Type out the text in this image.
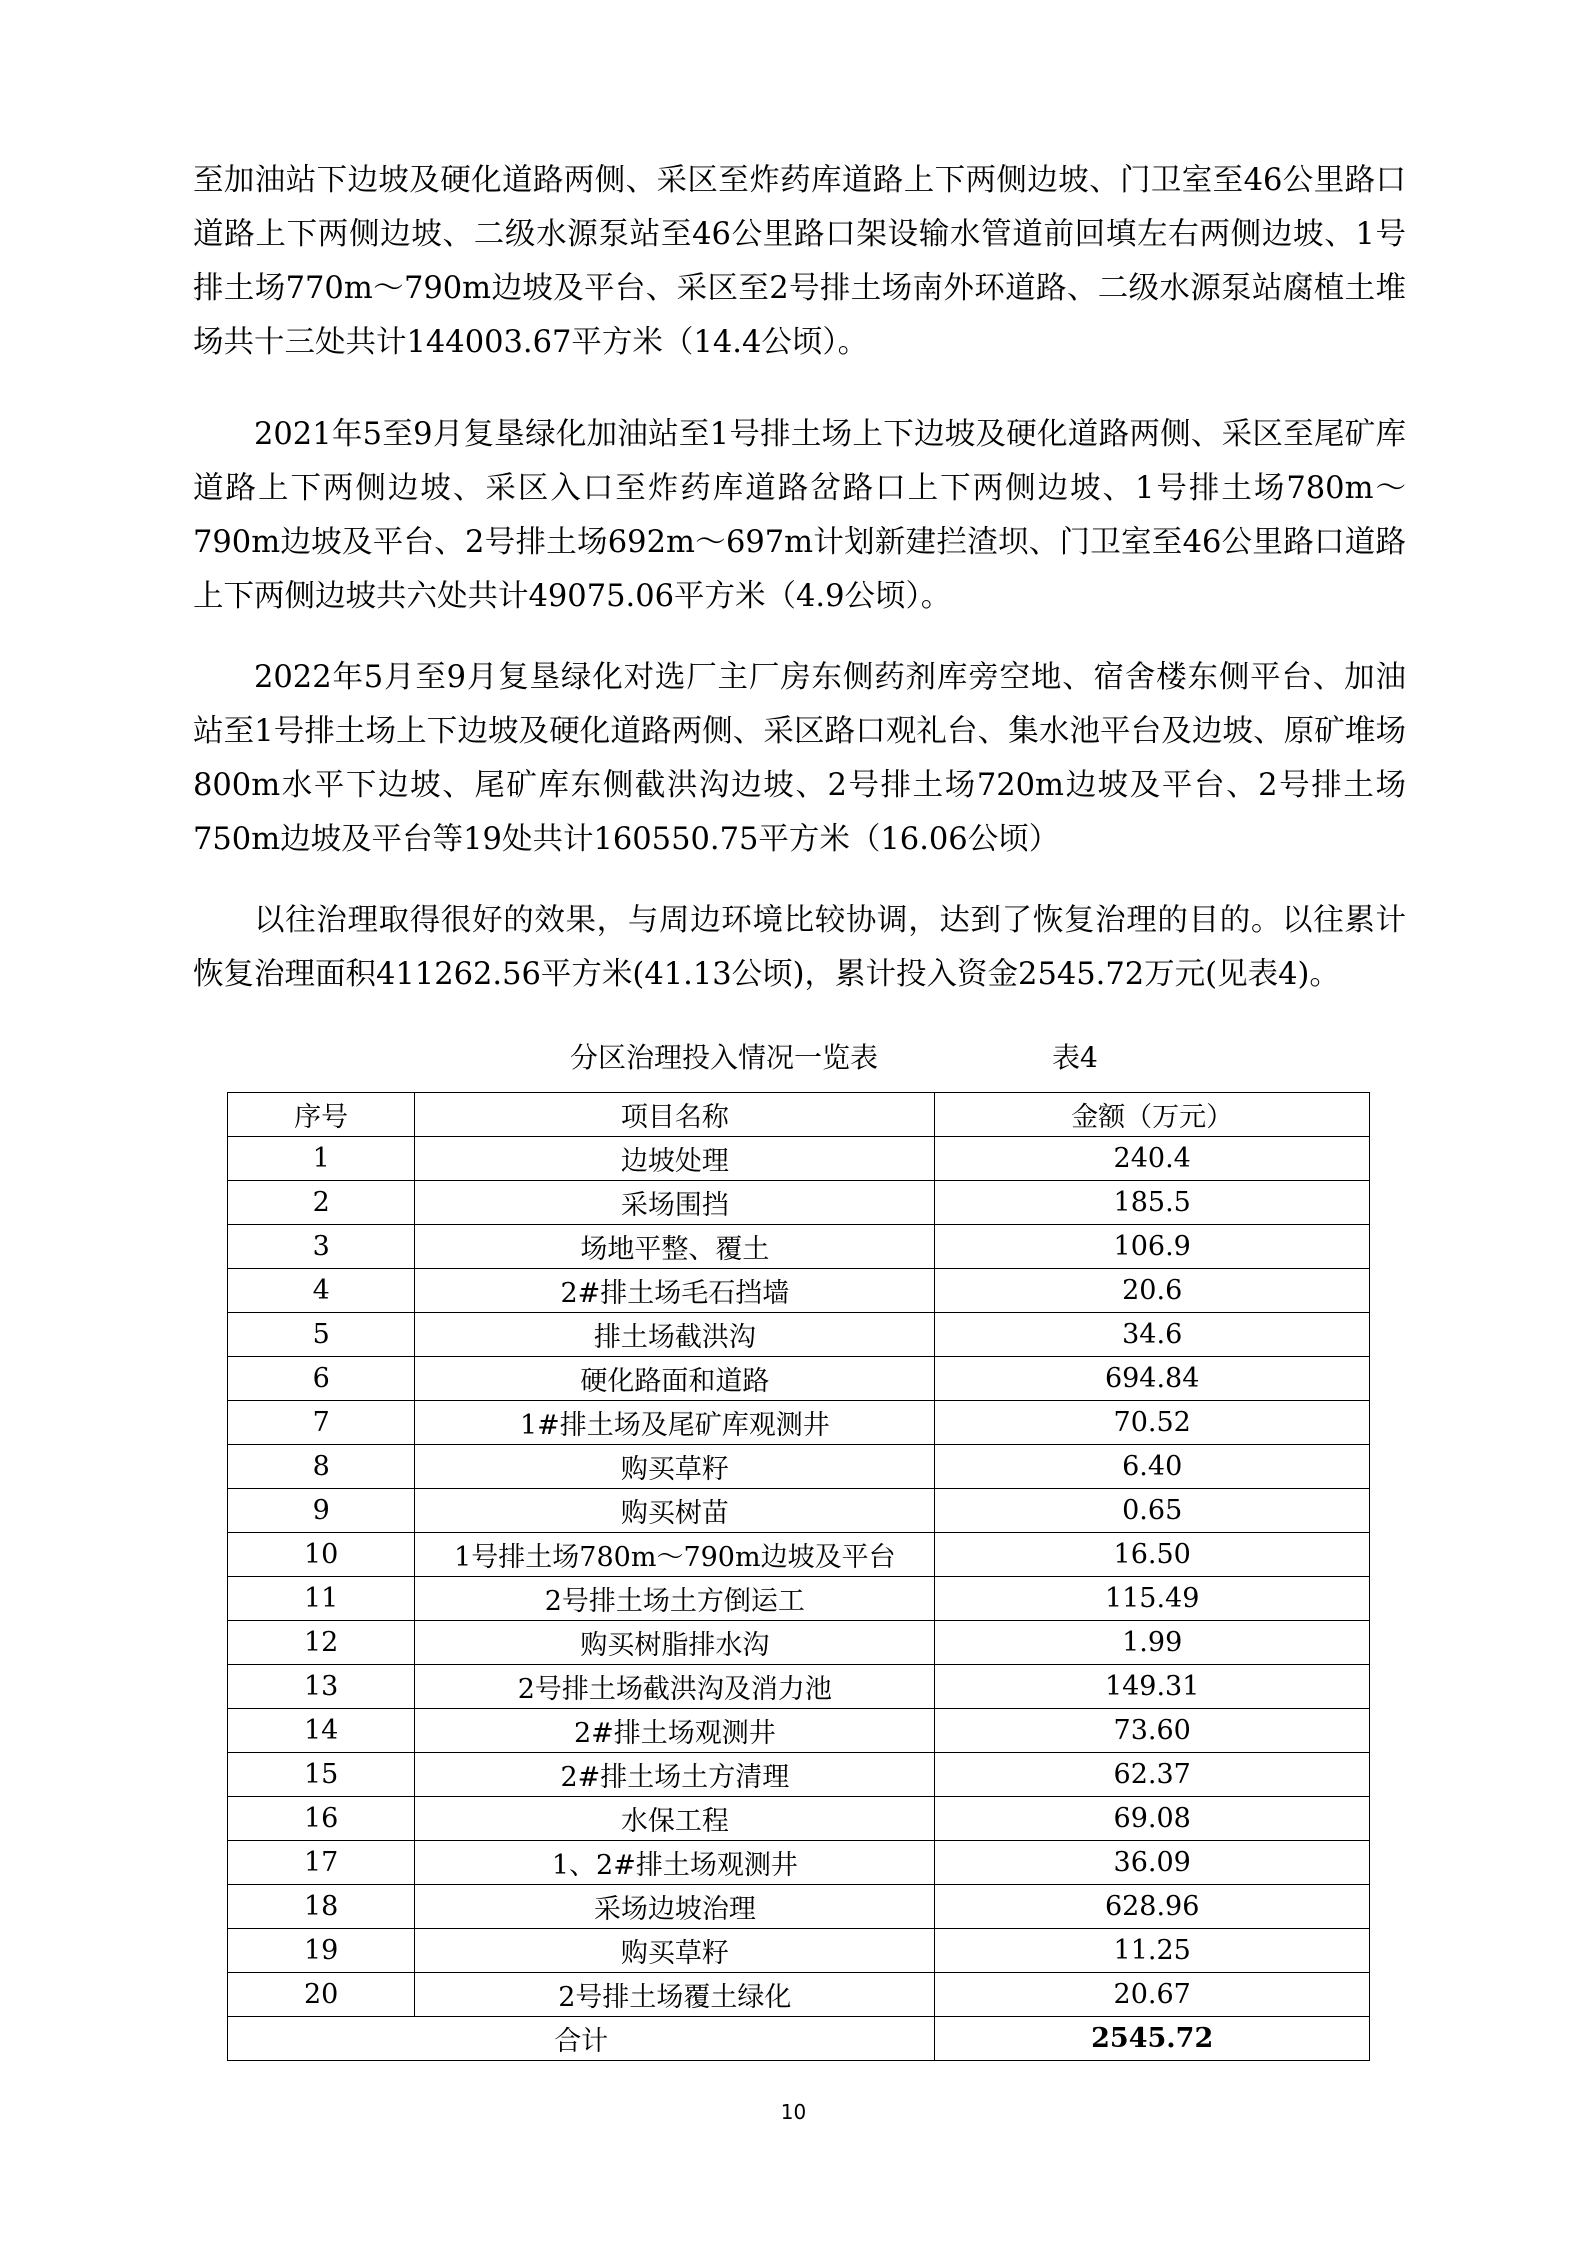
至加油站下边坡及硬化道路两侧、采区至炸药库道路上下两侧边坡、门卫室至46公里路口道路上下两侧边坡、二级水源泵站至46公里路口架设输水管道前回填左右两侧边坡、1号排土场770m～790m边坡及平台、采区至2号排土场南外环道路、二级水源泵站腐植土堆场共十三处共计144003.67平方米（14.4公顷）。

2021年5至9月复垦绿化加油站至1号排土场上下边坡及硬化道路两侧、采区至尾矿库道路上下两侧边坡、采区入口至炸药库道路岔路口上下两侧边坡、1号排土场780m～790m边坡及平台、2号排土场692m～697m计划新建拦渣坝、门卫室至46公里路口道路上下两侧边坡共六处共计49075.06平方米（4.9公顷）。

2022年5月至9月复垦绿化对选厂主厂房东侧药剂库旁空地、宿舍楼东侧平台、加油站至1号排土场上下边坡及硬化道路两侧、采区路口观礼台、集水池平台及边坡、原矿堆场800m水平下边坡、尾矿库东侧截洪沟边坡、2号排土场720m边坡及平台、2号排土场750m边坡及平台等19处共计160550.75平方米（16.06公顷）

以往治理取得很好的效果，与周边环境比较协调，达到了恢复治理的目的。以往累计恢复治理面积411262.56平方米(41.13公顷)，累计投入资金2545.72万元(见表4)。

分区治理投入情况一览表	表4
序号	项目名称	金额（万元）
1	边坡处理	240.4
2	采场围挡	185.5
3	场地平整、覆土	106.9
4	2#排土场毛石挡墙	20.6
5	排土场截洪沟	34.6
6	硬化路面和道路	694.84
7	1#排土场及尾矿库观测井	70.52
8	购买草籽	6.40
9	购买树苗	0.65
10	1号排土场780m～790m边坡及平台	16.50
11	2号排土场土方倒运工	115.49
12	购买树脂排水沟	1.99
13	2号排土场截洪沟及消力池	149.31
14	2#排土场观测井	73.60
15	2#排土场土方清理	62.37
16	水保工程	69.08
17	1、2#排土场观测井	36.09
18	采场边坡治理	628.96
19	购买草籽	11.25
20	2号排土场覆土绿化	20.67
合计		2545.72
10
